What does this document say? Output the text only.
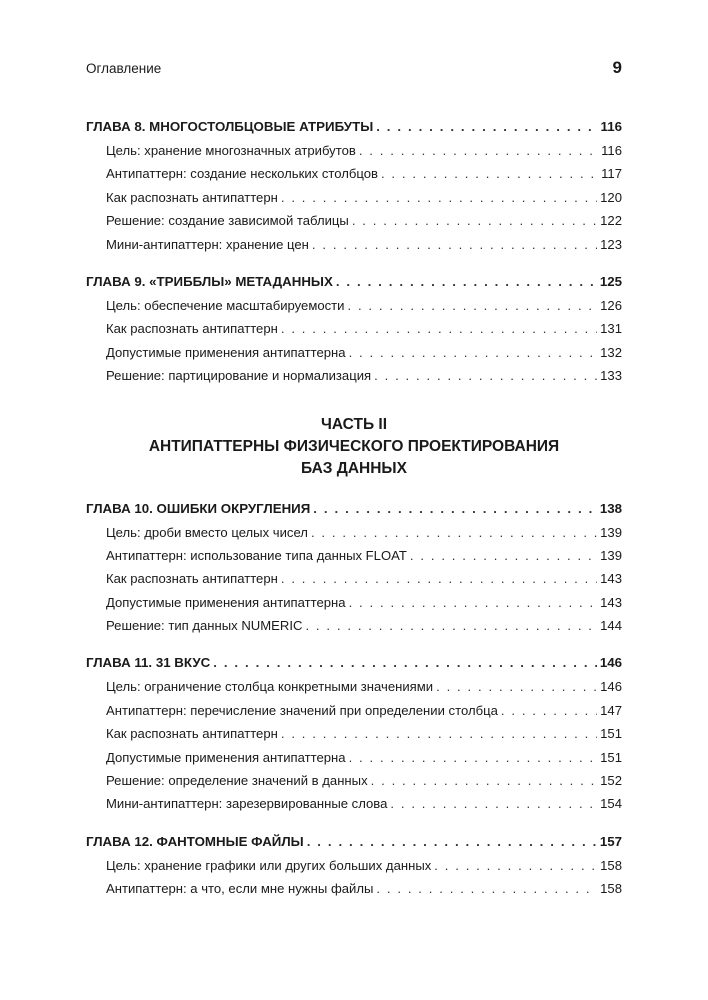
Оглавление	9
ГЛАВА 8. МНОГОСТОЛБЦОВЫЕ АТРИБУТЫ . . .	116
Цель: хранение многозначных атрибутов . . .	116
Антипаттерн: создание нескольких столбцов . . .	117
Как распознать антипаттерн . . .	120
Решение: создание зависимой таблицы . . .	122
Мини-антипаттерн: хранение цен . . .	123
ГЛАВА 9. «ТРИББЛЫ» МЕТАДАННЫХ . . .	125
Цель: обеспечение масштабируемости . . .	126
Как распознать антипаттерн . . .	131
Допустимые применения антипаттерна . . .	132
Решение: партицирование и нормализация . . .	133
ЧАСТЬ II
АНТИПАТТЕРНЫ ФИЗИЧЕСКОГО ПРОЕКТИРОВАНИЯ
БАЗ ДАННЫХ
ГЛАВА 10. ОШИБКИ ОКРУГЛЕНИЯ . . .	138
Цель: дроби вместо целых чисел . . .	139
Антипаттерн: использование типа данных FLOAT . . .	139
Как распознать антипаттерн . . .	143
Допустимые применения антипаттерна . . .	143
Решение: тип данных NUMERIC . . .	144
ГЛАВА 11. 31 ВКУС . . .	146
Цель: ограничение столбца конкретными значениями . . .	146
Антипаттерн: перечисление значений при определении столбца . . .	147
Как распознать антипаттерн . . .	151
Допустимые применения антипаттерна . . .	151
Решение: определение значений в данных . . .	152
Мини-антипаттерн: зарезервированные слова . . .	154
ГЛАВА 12. ФАНТОМНЫЕ ФАЙЛЫ . . .	157
Цель: хранение графики или других больших данных . . .	158
Антипаттерн: а что, если мне нужны файлы . . .	158
